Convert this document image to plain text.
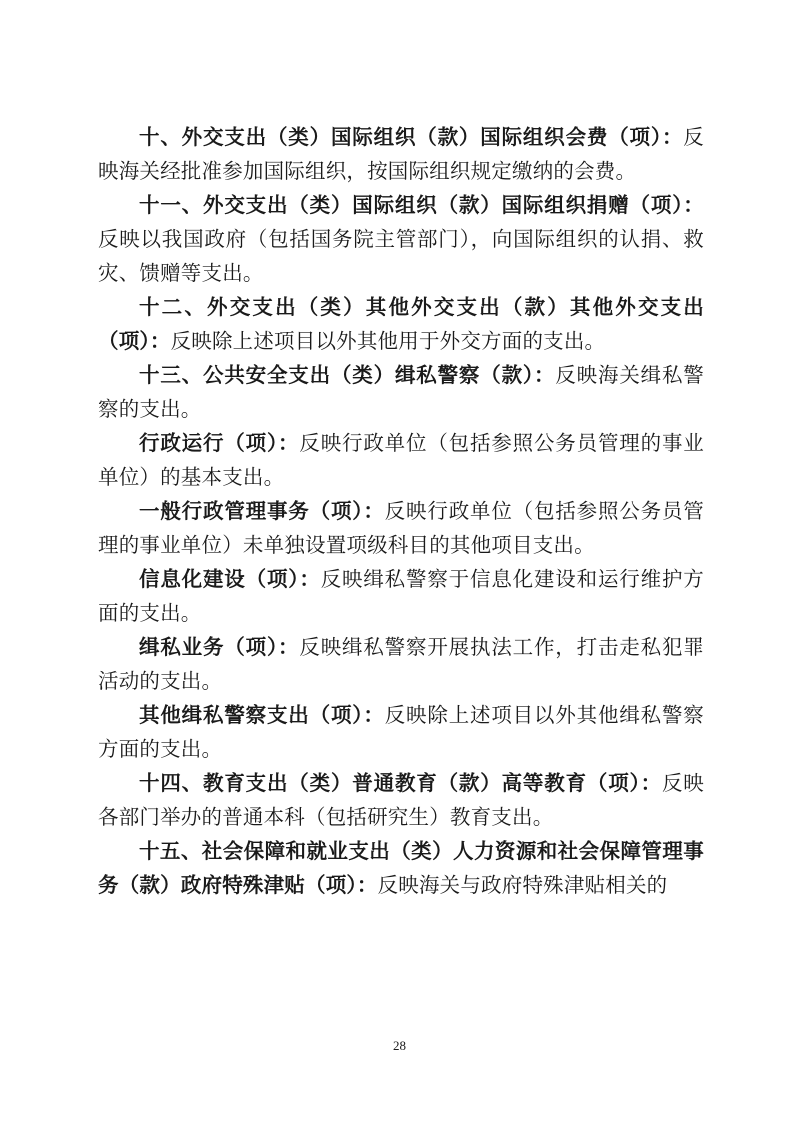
十、外交支出（类）国际组织（款）国际组织会费（项）：反映海关经批准参加国际组织，按国际组织规定缴纳的会费。

十一、外交支出（类）国际组织（款）国际组织捐赠（项）：反映以我国政府（包括国务院主管部门），向国际组织的认捐、救灾、馈赠等支出。

十二、外交支出（类）其他外交支出（款）其他外交支出（项）：反映除上述项目以外其他用于外交方面的支出。

十三、公共安全支出（类）缉私警察（款）：反映海关缉私警察的支出。

行政运行（项）：反映行政单位（包括参照公务员管理的事业单位）的基本支出。

一般行政管理事务（项）：反映行政单位（包括参照公务员管理的事业单位）未单独设置项级科目的其他项目支出。

信息化建设（项）：反映缉私警察于信息化建设和运行维护方面的支出。

缉私业务（项）：反映缉私警察开展执法工作，打击走私犯罪活动的支出。

其他缉私警察支出（项）：反映除上述项目以外其他缉私警察方面的支出。

十四、教育支出（类）普通教育（款）高等教育（项）：反映各部门举办的普通本科（包括研究生）教育支出。

十五、社会保障和就业支出（类）人力资源和社会保障管理事务（款）政府特殊津贴（项）：反映海关与政府特殊津贴相关的

28
